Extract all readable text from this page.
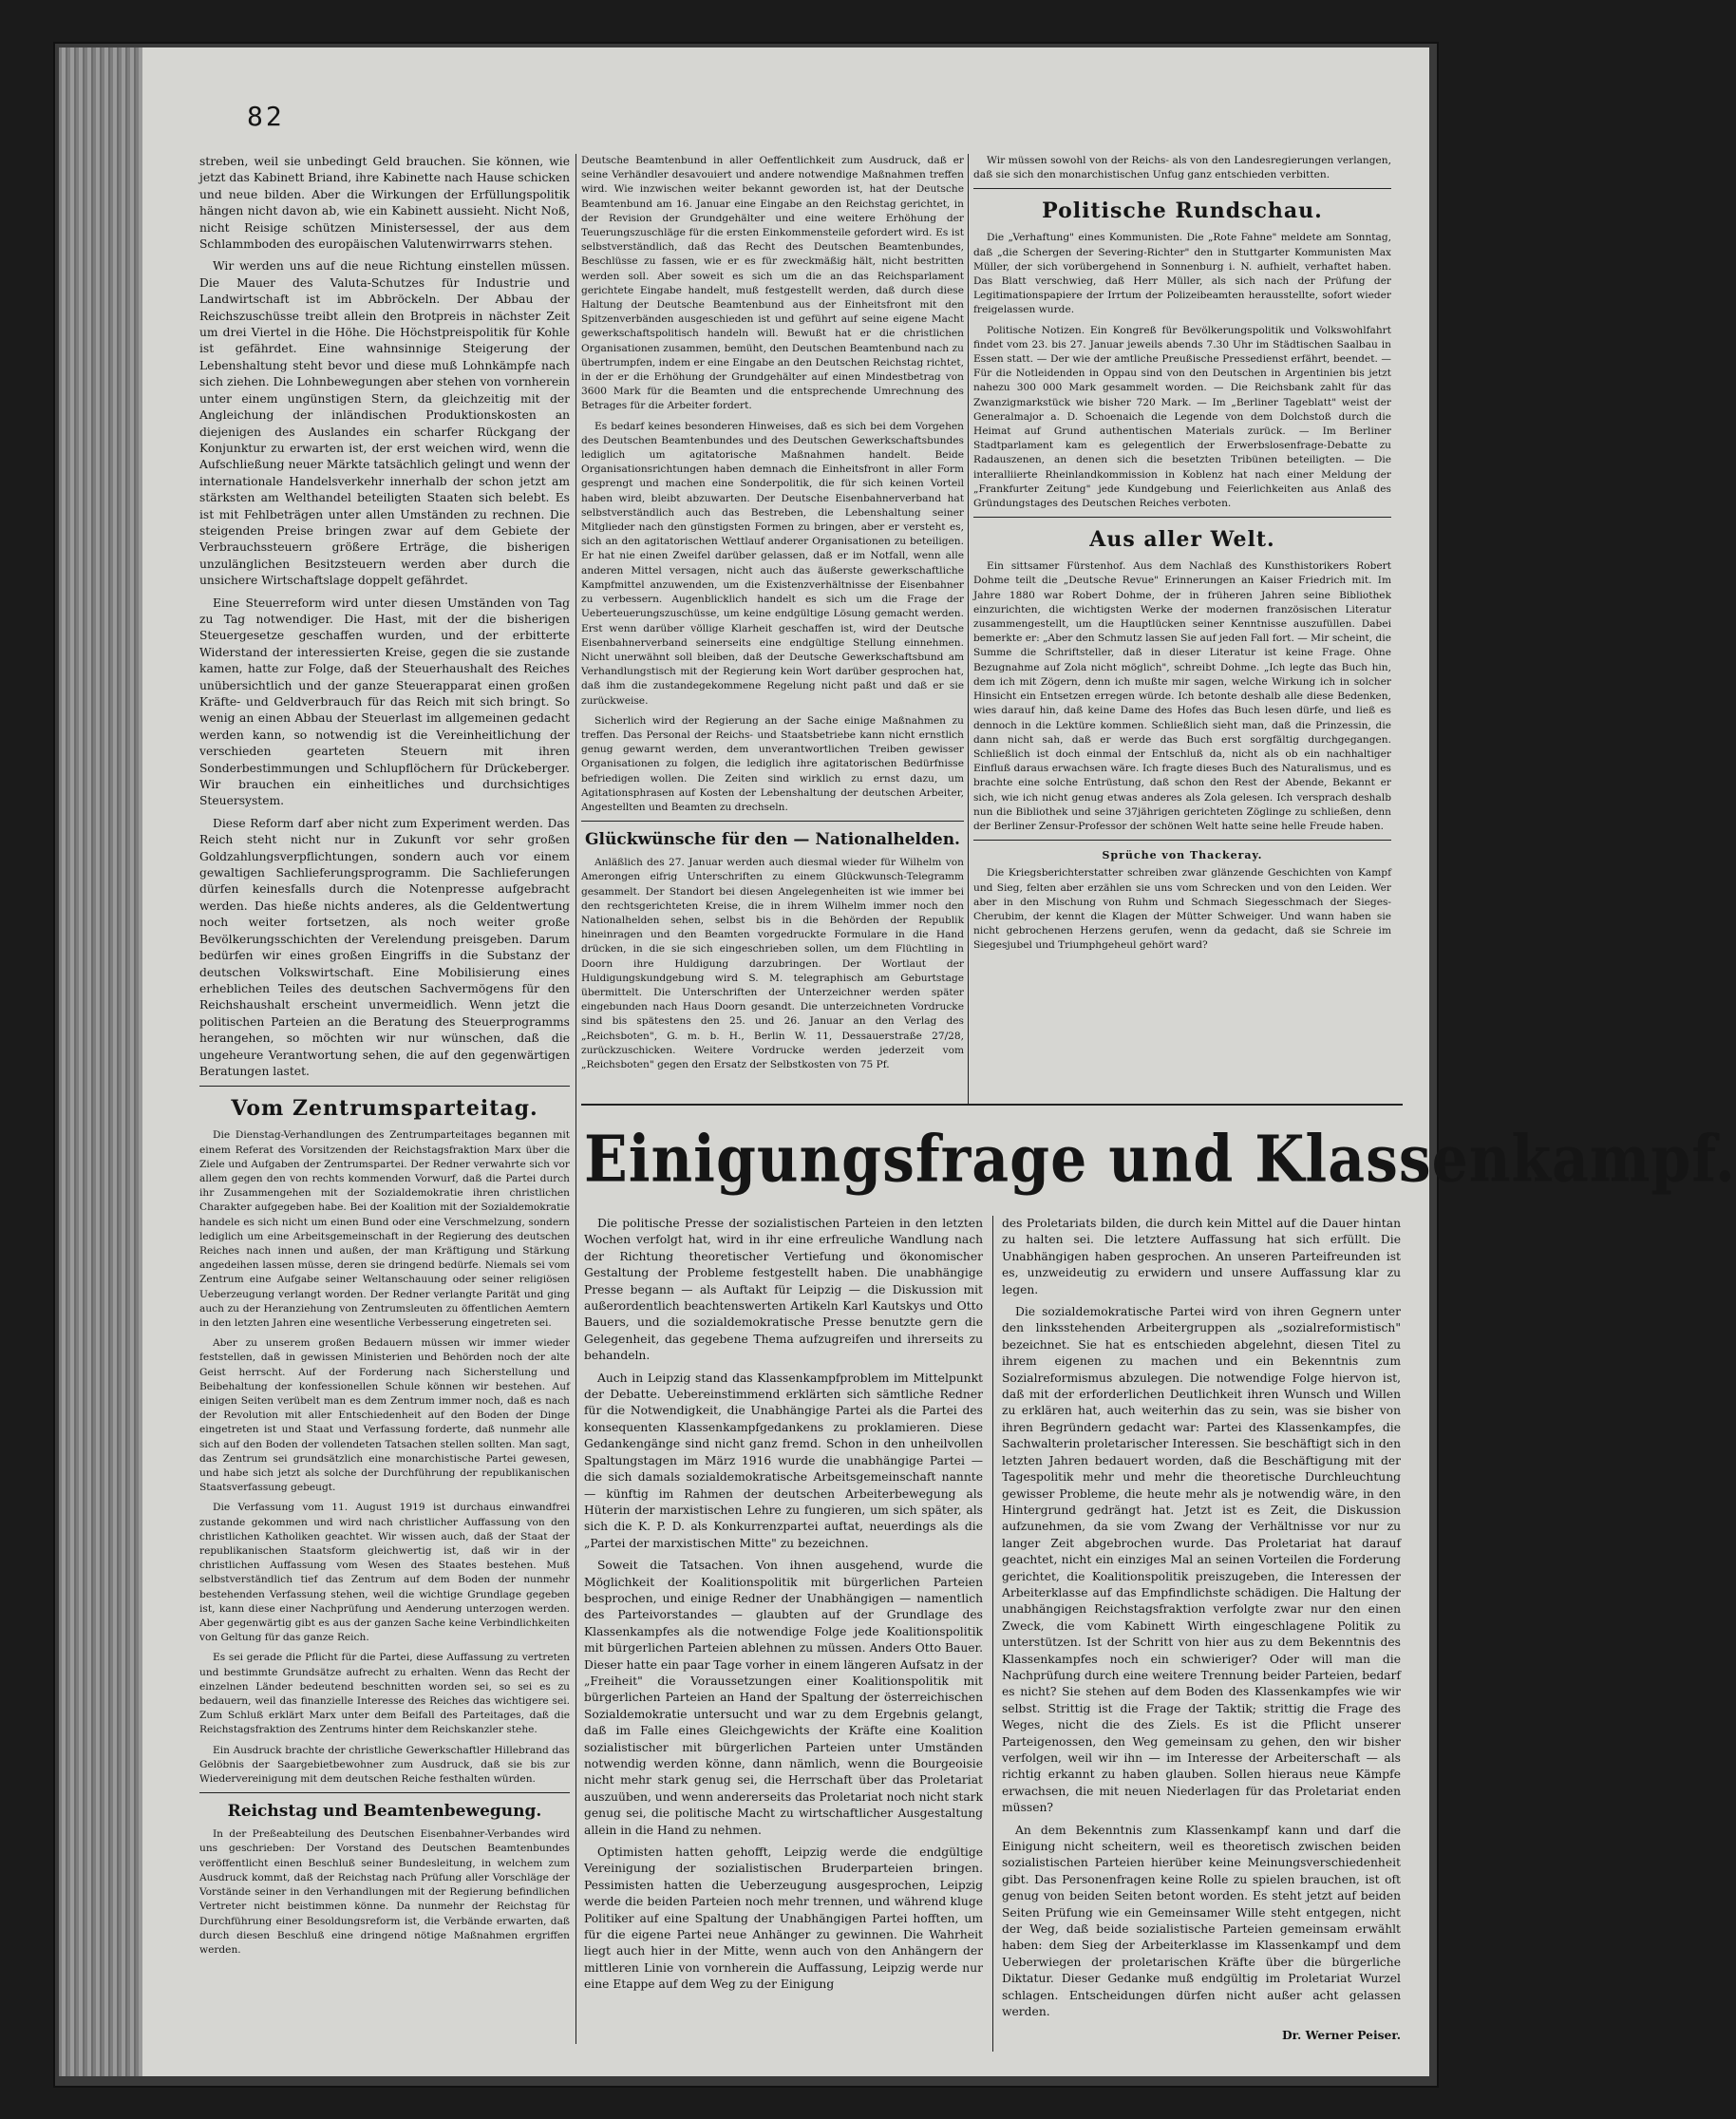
82

streben, weil sie unbedingt Geld brauchen. Sie können, wie jetzt das Kabinett Briand, ihre Kabinette nach Hause schicken und neue bilden. Aber die Wirkungen der Erfüllungspolitik hängen nicht davon ab, wie ein Kabinett aussieht. Nicht Noß, nicht Reisige schützen Ministersessel, der aus dem Schlammboden des europäischen Valutenwirrwarrs stehen.

Wir werden uns auf die neue Richtung einstellen müssen. Die Mauer des Valuta-Schutzes für Industrie und Landwirtschaft ist im Abbröckeln. Der Abbau der Reichszuschüsse treibt allein den Brotpreis in nächster Zeit um drei Viertel in die Höhe. Die Höchstpreispolitik für Kohle ist gefährdet. Eine wahnsinnige Steigerung der Lebenshaltung steht bevor und diese muß Lohnkämpfe nach sich ziehen. Die Lohnbewegungen aber stehen von vornherein unter einem ungünstigen Stern, da gleichzeitig mit der Angleichung der inländischen Produktionskosten an diejenigen des Auslandes ein scharfer Rückgang der Konjunktur zu erwarten ist, der erst weichen wird, wenn die Aufschließung neuer Märkte tatsächlich gelingt und wenn der internationale Handelsverkehr innerhalb der schon jetzt am stärksten am Welthandel beteiligten Staaten sich belebt. Es ist mit Fehlbeträgen unter allen Umständen zu rechnen. Die steigenden Preise bringen zwar auf dem Gebiete der Verbrauchssteuern größere Erträge, die bisherigen unzulänglichen Besitzsteuern werden aber durch die unsichere Wirtschaftslage doppelt gefährdet.

Eine Steuerreform wird unter diesen Umständen von Tag zu Tag notwendiger. Die Hast, mit der die bisherigen Steuergesetze geschaffen wurden, und der erbitterte Widerstand der interessierten Kreise, gegen die sie zustande kamen, hatte zur Folge, daß der Steuerhaushalt des Reiches unübersichtlich und der ganze Steuerapparat einen großen Kräfte- und Geldverbrauch für das Reich mit sich bringt. So wenig an einen Abbau der Steuerlast im allgemeinen gedacht werden kann, so notwendig ist die Vereinheitlichung der verschieden gearteten Steuern mit ihren Sonderbestimmungen und Schlupflöchern für Drückeberger. Wir brauchen ein einheitliches und durchsichtiges Steuersystem.

Diese Reform darf aber nicht zum Experiment werden. Das Reich steht nicht nur in Zukunft vor sehr großen Goldzahlungsverpflichtungen, sondern auch vor einem gewaltigen Sachlieferungsprogramm. Die Sachlieferungen dürfen keinesfalls durch die Notenpresse aufgebracht werden. Das hieße nichts anderes, als die Geldentwertung noch weiter fortsetzen, als noch weiter große Bevölkerungsschichten der Verelendung preisgeben. Darum bedürfen wir eines großen Eingriffs in die Substanz der deutschen Volkswirtschaft. Eine Mobilisierung eines erheblichen Teiles des deutschen Sachvermögens für den Reichshaushalt erscheint unvermeidlich. Wenn jetzt die politischen Parteien an die Beratung des Steuerprogramms herangehen, so möchten wir nur wünschen, daß die ungeheure Verantwortung sehen, die auf den gegenwärtigen Beratungen lastet.

Vom Zentrumsparteitag.

Die Dienstag-Verhandlungen des Zentrumparteitages begannen mit einem Referat des Vorsitzenden der Reichstagsfraktion Marx über die Ziele und Aufgaben der Zentrumspartei. Der Redner verwahrte sich vor allem gegen den von rechts kommenden Vorwurf, daß die Partei durch ihr Zusammengehen mit der Sozialdemokratie ihren christlichen Charakter aufgegeben habe. Bei der Koalition mit der Sozialdemokratie handele es sich nicht um einen Bund oder eine Verschmelzung, sondern lediglich um eine Arbeitsgemeinschaft in der Regierung des deutschen Reiches nach innen und außen, der man Kräftigung und Stärkung angedeihen lassen müsse, deren sie dringend bedürfe. Niemals sei vom Zentrum eine Aufgabe seiner Weltanschauung oder seiner religiösen Ueberzeugung verlangt worden. Der Redner verlangte Parität und ging auch zu der Heranziehung von Zentrumsleuten zu öffentlichen Aemtern in den letzten Jahren eine wesentliche Verbesserung eingetreten sei.

Aber zu unserem großen Bedauern müssen wir immer wieder feststellen, daß in gewissen Ministerien und Behörden noch der alte Geist herrscht. Auf der Forderung nach Sicherstellung und Beibehaltung der konfessionellen Schule können wir bestehen. Auf einigen Seiten verübelt man es dem Zentrum immer noch, daß es nach der Revolution mit aller Entschiedenheit auf den Boden der Dinge eingetreten ist und Staat und Verfassung forderte, daß nunmehr alle sich auf den Boden der vollendeten Tatsachen stellen sollten. Man sagt, das Zentrum sei grundsätzlich eine monarchistische Partei gewesen, und habe sich jetzt als solche der Durchführung der republikanischen Staatsverfassung gebeugt.

Die Verfassung vom 11. August 1919 ist durchaus einwandfrei zustande gekommen und wird nach christlicher Auffassung von den christlichen Katholiken geachtet. Wir wissen auch, daß der Staat der republikanischen Staatsform gleichwertig ist, daß wir in der christlichen Auffassung vom Wesen des Staates bestehen. Muß selbstverständlich tief das Zentrum auf dem Boden der nunmehr bestehenden Verfassung stehen, weil die wichtige Grundlage gegeben ist, kann diese einer Nachprüfung und Aenderung unterzogen werden. Aber gegenwärtig gibt es aus der ganzen Sache keine Verbindlichkeiten von Geltung für das ganze Reich.

Es sei gerade die Pflicht für die Partei, diese Auffassung zu vertreten und bestimmte Grundsätze aufrecht zu erhalten. Wenn das Recht der einzelnen Länder bedeutend beschnitten worden sei, so sei es zu bedauern, weil das finanzielle Interesse des Reiches das wichtigere sei. Zum Schluß erklärt Marx unter dem Beifall des Parteitages, daß die Reichstagsfraktion des Zentrums hinter dem Reichskanzler stehe.

Ein Ausdruck brachte der christliche Gewerkschaftler Hillebrand das Gelöbnis der Saargebietbewohner zum Ausdruck, daß sie bis zur Wiedervereinigung mit dem deutschen Reiche festhalten würden.

Reichstag und Beamtenbewegung.

In der Preßeabteilung des Deutschen Eisenbahner-Verbandes wird uns geschrieben: Der Vorstand des Deutschen Beamtenbundes veröffentlicht einen Beschluß seiner Bundesleitung, in welchem zum Ausdruck kommt, daß der Reichstag nach Prüfung aller Vorschläge der Vorstände seiner in den Verhandlungen mit der Regierung befindlichen Vertreter nicht beistimmen könne. Da nunmehr der Reichstag für Durchführung einer Besoldungsreform ist, die Verbände erwarten, daß durch diesen Beschluß eine dringend nötige Maßnahmen ergriffen werden.

Deutsche Beamtenbund in aller Oeffentlichkeit zum Ausdruck, daß er seine Verhändler desavouiert und andere notwendige Maßnahmen treffen wird. Wie inzwischen weiter bekannt geworden ist, hat der Deutsche Beamtenbund am 16. Januar eine Eingabe an den Reichstag gerichtet, in der Revision der Grundgehälter und eine weitere Erhöhung der Teuerungszuschläge für die ersten Einkommensteile gefordert wird. Es ist selbstverständlich, daß das Recht des Deutschen Beamtenbundes, Beschlüsse zu fassen, wie er es für zweckmäßig hält, nicht bestritten werden soll. Aber soweit es sich um die an das Reichsparlament gerichtete Eingabe handelt, muß festgestellt werden, daß durch diese Haltung der Deutsche Beamtenbund aus der Einheitsfront mit den Spitzenverbänden ausgeschieden ist und geführt auf seine eigene Macht gewerkschaftspolitisch handeln will. Bewußt hat er die christlichen Organisationen zusammen, bemüht, den Deutschen Beamtenbund nach zu übertrumpfen, indem er eine Eingabe an den Deutschen Reichstag richtet, in der er die Erhöhung der Grundgehälter auf einen Mindestbetrag von 3600 Mark für die Beamten und die entsprechende Umrechnung des Betrages für die Arbeiter fordert.

Es bedarf keines besonderen Hinweises, daß es sich bei dem Vorgehen des Deutschen Beamtenbundes und des Deutschen Gewerkschaftsbundes lediglich um agitatorische Maßnahmen handelt. Beide Organisationsrichtungen haben demnach die Einheitsfront in aller Form gesprengt und machen eine Sonderpolitik, die für sich keinen Vorteil haben wird, bleibt abzuwarten. Der Deutsche Eisenbahnerverband hat selbstverständlich auch das Bestreben, die Lebenshaltung seiner Mitglieder nach den günstigsten Formen zu bringen, aber er versteht es, sich an den agitatorischen Wettlauf anderer Organisationen zu beteiligen. Er hat nie einen Zweifel darüber gelassen, daß er im Notfall, wenn alle anderen Mittel versagen, nicht auch das äußerste gewerkschaftliche Kampfmittel anzuwenden, um die Existenzverhältnisse der Eisenbahner zu verbessern. Augenblicklich handelt es sich um die Frage der Ueberteuerungszuschüsse, um keine endgültige Lösung gemacht werden. Erst wenn darüber völlige Klarheit geschaffen ist, wird der Deutsche Eisenbahnerverband seinerseits eine endgültige Stellung einnehmen. Nicht unerwähnt soll bleiben, daß der Deutsche Gewerkschaftsbund am Verhandlungstisch mit der Regierung kein Wort darüber gesprochen hat, daß ihm die zustandegekommene Regelung nicht paßt und daß er sie zurückweise.

Sicherlich wird der Regierung an der Sache einige Maßnahmen zu treffen. Das Personal der Reichs- und Staatsbetriebe kann nicht ernstlich genug gewarnt werden, dem unverantwortlichen Treiben gewisser Organisationen zu folgen, die lediglich ihre agitatorischen Bedürfnisse befriedigen wollen. Die Zeiten sind wirklich zu ernst dazu, um Agitationsphrasen auf Kosten der Lebenshaltung der deutschen Arbeiter, Angestellten und Beamten zu drechseln.

Glückwünsche für den — Nationalhelden.

Anläßlich des 27. Januar werden auch diesmal wieder für Wilhelm von Amerongen eifrig Unterschriften zu einem Glückwunsch-Telegramm gesammelt. Der Standort bei diesen Angelegenheiten ist wie immer bei den rechtsgerichteten Kreise, die in ihrem Wilhelm immer noch den Nationalhelden sehen, selbst bis in die Behörden der Republik hineinragen und den Beamten vorgedruckte Formulare in die Hand drücken, in die sie sich eingeschrieben sollen, um dem Flüchtling in Doorn ihre Huldigung darzubringen. Der Wortlaut der Huldigungskundgebung wird S. M. telegraphisch am Geburtstage übermittelt. Die Unterschriften der Unterzeichner werden später eingebunden nach Haus Doorn gesandt. Die unterzeichneten Vordrucke sind bis spätestens den 25. und 26. Januar an den Verlag des „Reichsboten", G. m. b. H., Berlin W. 11, Dessauerstraße 27/28, zurückzuschicken. Weitere Vordrucke werden jederzeit vom „Reichsboten" gegen den Ersatz der Selbstkosten von 75 Pf.

Wir müssen sowohl von der Reichs- als von den Landesregierungen verlangen, daß sie sich den monarchistischen Unfug ganz entschieden verbitten.

Politische Rundschau.

Die „Verhaftung" eines Kommunisten. Die „Rote Fahne" meldete am Sonntag, daß „die Schergen der Severing-Richter" den in Stuttgarter Kommunisten Max Müller, der sich vorübergehend in Sonnenburg i. N. aufhielt, verhaftet haben. Das Blatt verschwieg, daß Herr Müller, als sich nach der Prüfung der Legitimationspapiere der Irrtum der Polizeibeamten herausstellte, sofort wieder freigelassen wurde.

Politische Notizen. Ein Kongreß für Bevölkerungspolitik und Volkswohlfahrt findet vom 23. bis 27. Januar jeweils abends 7.30 Uhr im Städtischen Saalbau in Essen statt. — Der wie der amtliche Preußische Pressedienst erfährt, beendet. — Für die Notleidenden in Oppau sind von den Deutschen in Argentinien bis jetzt nahezu 300 000 Mark gesammelt worden. — Die Reichsbank zahlt für das Zwanzigmarkstück wie bisher 720 Mark. — Im „Berliner Tageblatt" weist der Generalmajor a. D. Schoenaich die Legende von dem Dolchstoß durch die Heimat auf Grund authentischen Materials zurück. — Im Berliner Stadtparlament kam es gelegentlich der Erwerbslosenfrage-Debatte zu Radauszenen, an denen sich die besetzten Tribünen beteiligten. — Die interalliierte Rheinlandkommission in Koblenz hat nach einer Meldung der „Frankfurter Zeitung" jede Kundgebung und Feierlichkeiten aus Anlaß des Gründungstages des Deutschen Reiches verboten.

Aus aller Welt.

Ein sittsamer Fürstenhof. Aus dem Nachlaß des Kunsthistorikers Robert Dohme teilt die „Deutsche Revue" Erinnerungen an Kaiser Friedrich mit. Im Jahre 1880 war Robert Dohme, der in früheren Jahren seine Bibliothek einzurichten, die wichtigsten Werke der modernen französischen Literatur zusammengestellt, um die Hauptlücken seiner Kenntnisse auszufüllen. Dabei bemerkte er: „Aber den Schmutz lassen Sie auf jeden Fall fort. — Mir scheint, die Summe die Schriftsteller, daß in dieser Literatur ist keine Frage. Ohne Bezugnahme auf Zola nicht möglich", schreibt Dohme. „Ich legte das Buch hin, dem ich mit Zögern, denn ich mußte mir sagen, welche Wirkung ich in solcher Hinsicht ein Entsetzen erregen würde. Ich betonte deshalb alle diese Bedenken, wies darauf hin, daß keine Dame des Hofes das Buch lesen dürfe, und ließ es dennoch in die Lektüre kommen. Schließlich sieht man, daß die Prinzessin, die dann nicht sah, daß er werde das Buch erst sorgfältig durchgegangen. Schließlich ist doch einmal der Entschluß da, nicht als ob ein nachhaltiger Einfluß daraus erwachsen wäre. Ich fragte dieses Buch des Naturalismus, und es brachte eine solche Entrüstung, daß schon den Rest der Abende, Bekannt er sich, wie ich nicht genug etwas anderes als Zola gelesen. Ich versprach deshalb nun die Bibliothek und seine 37jährigen gerichteten Zöglinge zu schließen, denn der Berliner Zensur-Professor der schönen Welt hatte seine helle Freude haben.

Sprüche von Thackeray.

Die Kriegsberichterstatter schreiben zwar glänzende Geschichten von Kampf und Sieg, felten aber erzählen sie uns vom Schrecken und von den Leiden. Wer aber in den Mischung von Ruhm und Schmach Siegesschmach der Sieges-Cherubim, der kennt die Klagen der Mütter Schweiger. Und wann haben sie nicht gebrochenen Herzens gerufen, wenn da gedacht, daß sie Schreie im Siegesjubel und Triumphgeheul gehört ward?

Einigungsfrage und Klassenkampf.

Die politische Presse der sozialistischen Parteien in den letzten Wochen verfolgt hat, wird in ihr eine erfreuliche Wandlung nach der Richtung theoretischer Vertiefung und ökonomischer Gestaltung der Probleme festgestellt haben. Die unabhängige Presse begann — als Auftakt für Leipzig — die Diskussion mit außerordentlich beachtenswerten Artikeln Karl Kautskys und Otto Bauers, und die sozialdemokratische Presse benutzte gern die Gelegenheit, das gegebene Thema aufzugreifen und ihrerseits zu behandeln.

Auch in Leipzig stand das Klassenkampfproblem im Mittelpunkt der Debatte. Uebereinstimmend erklärten sich sämtliche Redner für die Notwendigkeit, die Unabhängige Partei als die Partei des konsequenten Klassenkampfgedankens zu proklamieren. Diese Gedankengänge sind nicht ganz fremd. Schon in den unheilvollen Spaltungstagen im März 1916 wurde die unabhängige Partei — die sich damals sozialdemokratische Arbeitsgemeinschaft nannte — künftig im Rahmen der deutschen Arbeiterbewegung als Hüterin der marxistischen Lehre zu fungieren, um sich später, als sich die K. P. D. als Konkurrenzpartei auftat, neuerdings als die „Partei der marxistischen Mitte" zu bezeichnen.

Soweit die Tatsachen. Von ihnen ausgehend, wurde die Möglichkeit der Koalitionspolitik mit bürgerlichen Parteien besprochen, und einige Redner der Unabhängigen — namentlich des Parteivorstandes — glaubten auf der Grundlage des Klassenkampfes als die notwendige Folge jede Koalitionspolitik mit bürgerlichen Parteien ablehnen zu müssen. Anders Otto Bauer. Dieser hatte ein paar Tage vorher in einem längeren Aufsatz in der „Freiheit" die Voraussetzungen einer Koalitionspolitik mit bürgerlichen Parteien an Hand der Spaltung der österreichischen Sozialdemokratie untersucht und war zu dem Ergebnis gelangt, daß im Falle eines Gleichgewichts der Kräfte eine Koalition sozialistischer mit bürgerlichen Parteien unter Umständen notwendig werden könne, dann nämlich, wenn die Bourgeoisie nicht mehr stark genug sei, die Herrschaft über das Proletariat auszuüben, und wenn andererseits das Proletariat noch nicht stark genug sei, die politische Macht zu wirtschaftlicher Ausgestaltung allein in die Hand zu nehmen.

Optimisten hatten gehofft, Leipzig werde die endgültige Vereinigung der sozialistischen Bruderparteien bringen. Pessimisten hatten die Ueberzeugung ausgesprochen, Leipzig werde die beiden Parteien noch mehr trennen, und während kluge Politiker auf eine Spaltung der Unabhängigen Partei hofften, um für die eigene Partei neue Anhänger zu gewinnen. Die Wahrheit liegt auch hier in der Mitte, wenn auch von den Anhängern der mittleren Linie von vornherein die Auffassung, Leipzig werde nur eine Etappe auf dem Weg zu der Einigung

des Proletariats bilden, die durch kein Mittel auf die Dauer hintan zu halten sei. Die letztere Auffassung hat sich erfüllt. Die Unabhängigen haben gesprochen. An unseren Parteifreunden ist es, unzweideutig zu erwidern und unsere Auffassung klar zu legen.

Die sozialdemokratische Partei wird von ihren Gegnern unter den linksstehenden Arbeitergruppen als „sozialreformistisch" bezeichnet. Sie hat es entschieden abgelehnt, diesen Titel zu ihrem eigenen zu machen und ein Bekenntnis zum Sozialreformismus abzulegen. Die notwendige Folge hiervon ist, daß mit der erforderlichen Deutlichkeit ihren Wunsch und Willen zu erklären hat, auch weiterhin das zu sein, was sie bisher von ihren Begründern gedacht war: Partei des Klassenkampfes, die Sachwalterin proletarischer Interessen. Sie beschäftigt sich in den letzten Jahren bedauert worden, daß die Beschäftigung mit der Tagespolitik mehr und mehr die theoretische Durchleuchtung gewisser Probleme, die heute mehr als je notwendig wäre, in den Hintergrund gedrängt hat. Jetzt ist es Zeit, die Diskussion aufzunehmen, da sie vom Zwang der Verhältnisse vor nur zu langer Zeit abgebrochen wurde. Das Proletariat hat darauf geachtet, nicht ein einziges Mal an seinen Vorteilen die Forderung gerichtet, die Koalitionspolitik preiszugeben, die Interessen der Arbeiterklasse auf das Empfindlichste schädigen. Die Haltung der unabhängigen Reichstagsfraktion verfolgte zwar nur den einen Zweck, die vom Kabinett Wirth eingeschlagene Politik zu unterstützen. Ist der Schritt von hier aus zu dem Bekenntnis des Klassenkampfes noch ein schwieriger? Oder will man die Nachprüfung durch eine weitere Trennung beider Parteien, bedarf es nicht? Sie stehen auf dem Boden des Klassenkampfes wie wir selbst. Strittig ist die Frage der Taktik; strittig die Frage des Weges, nicht die des Ziels. Es ist die Pflicht unserer Parteigenossen, den Weg gemeinsam zu gehen, den wir bisher verfolgen, weil wir ihn — im Interesse der Arbeiterschaft — als richtig erkannt zu haben glauben. Sollen hieraus neue Kämpfe erwachsen, die mit neuen Niederlagen für das Proletariat enden müssen?

An dem Bekenntnis zum Klassenkampf kann und darf die Einigung nicht scheitern, weil es theoretisch zwischen beiden sozialistischen Parteien hierüber keine Meinungsverschiedenheit gibt. Das Personenfragen keine Rolle zu spielen brauchen, ist oft genug von beiden Seiten betont worden. Es steht jetzt auf beiden Seiten Prüfung wie ein Gemeinsamer Wille steht entgegen, nicht der Weg, daß beide sozialistische Parteien gemeinsam erwählt haben: dem Sieg der Arbeiterklasse im Klassenkampf und dem Ueberwiegen der proletarischen Kräfte über die bürgerliche Diktatur. Dieser Gedanke muß endgültig im Proletariat Wurzel schlagen. Entscheidungen dürfen nicht außer acht gelassen werden.

Dr. Werner Peiser.
